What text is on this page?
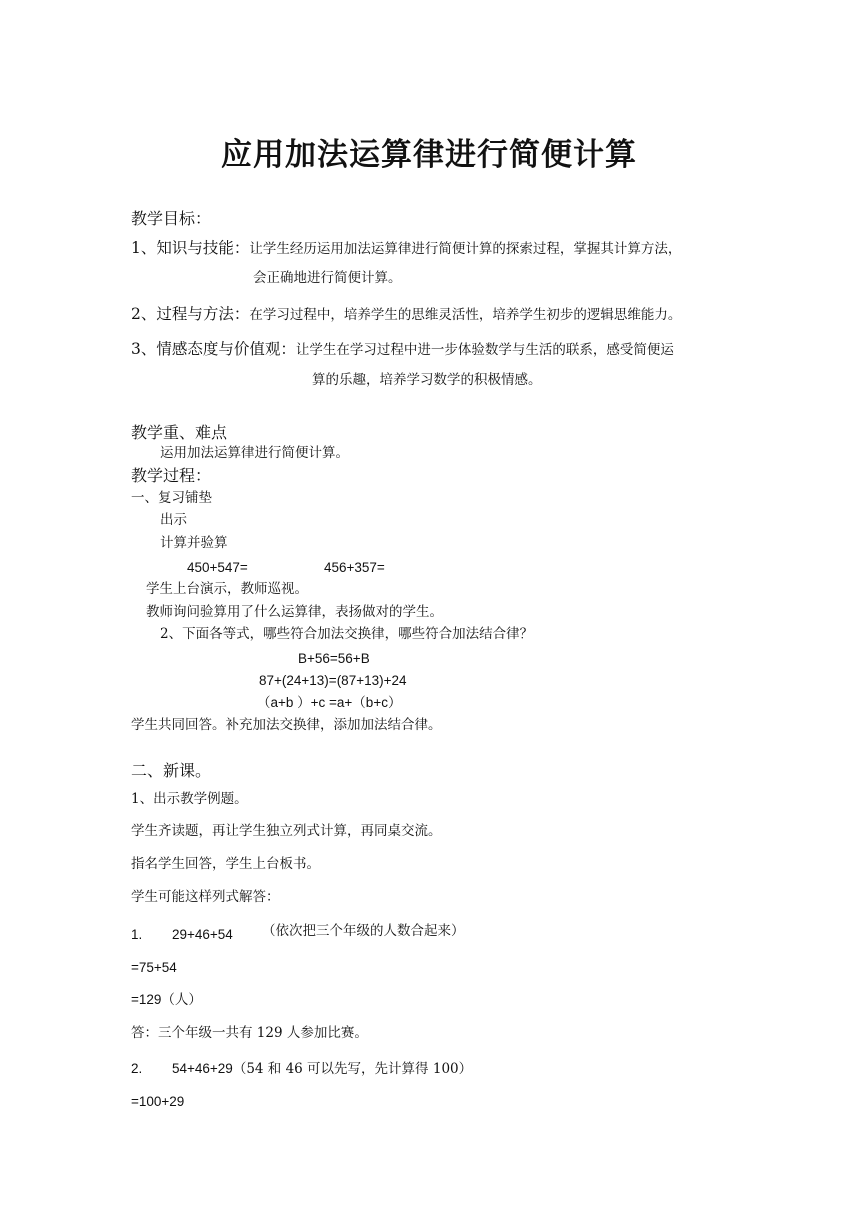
应用加法运算律进行简便计算
教学目标：
1、知识与技能：让学生经历运用加法运算律进行简便计算的探索过程，掌握其计算方法，
会正确地进行简便计算。
2、过程与方法：在学习过程中，培养学生的思维灵活性，培养学生初步的逻辑思维能力。
3、情感态度与价值观：让学生在学习过程中进一步体验数学与生活的联系，感受简便运
算的乐趣，培养学习数学的积极情感。
教学重、难点
运用加法运算律进行简便计算。
教学过程：
一、复习铺垫
出示
计算并验算
450+547=	456+357=
学生上台演示，教师巡视。
教师询问验算用了什么运算律，表扬做对的学生。
2、下面各等式，哪些符合加法交换律，哪些符合加法结合律？
B+56=56+B
87+(24+13)=(87+13)+24
（a+b ）+c =a+（b+c）
学生共同回答。补充加法交换律，添加加法结合律。
二、新课。
1、出示教学例题。
学生齐读题，再让学生独立列式计算，再同桌交流。
指名学生回答，学生上台板书。
学生可能这样列式解答：
1. 29+46+54 （依次把三个年级的人数合起来）
=75+54
=129（人）
答：三个年级一共有 129 人参加比赛。
2. 54+46+29（54 和 46 可以先写，先计算得 100）
=100+29
